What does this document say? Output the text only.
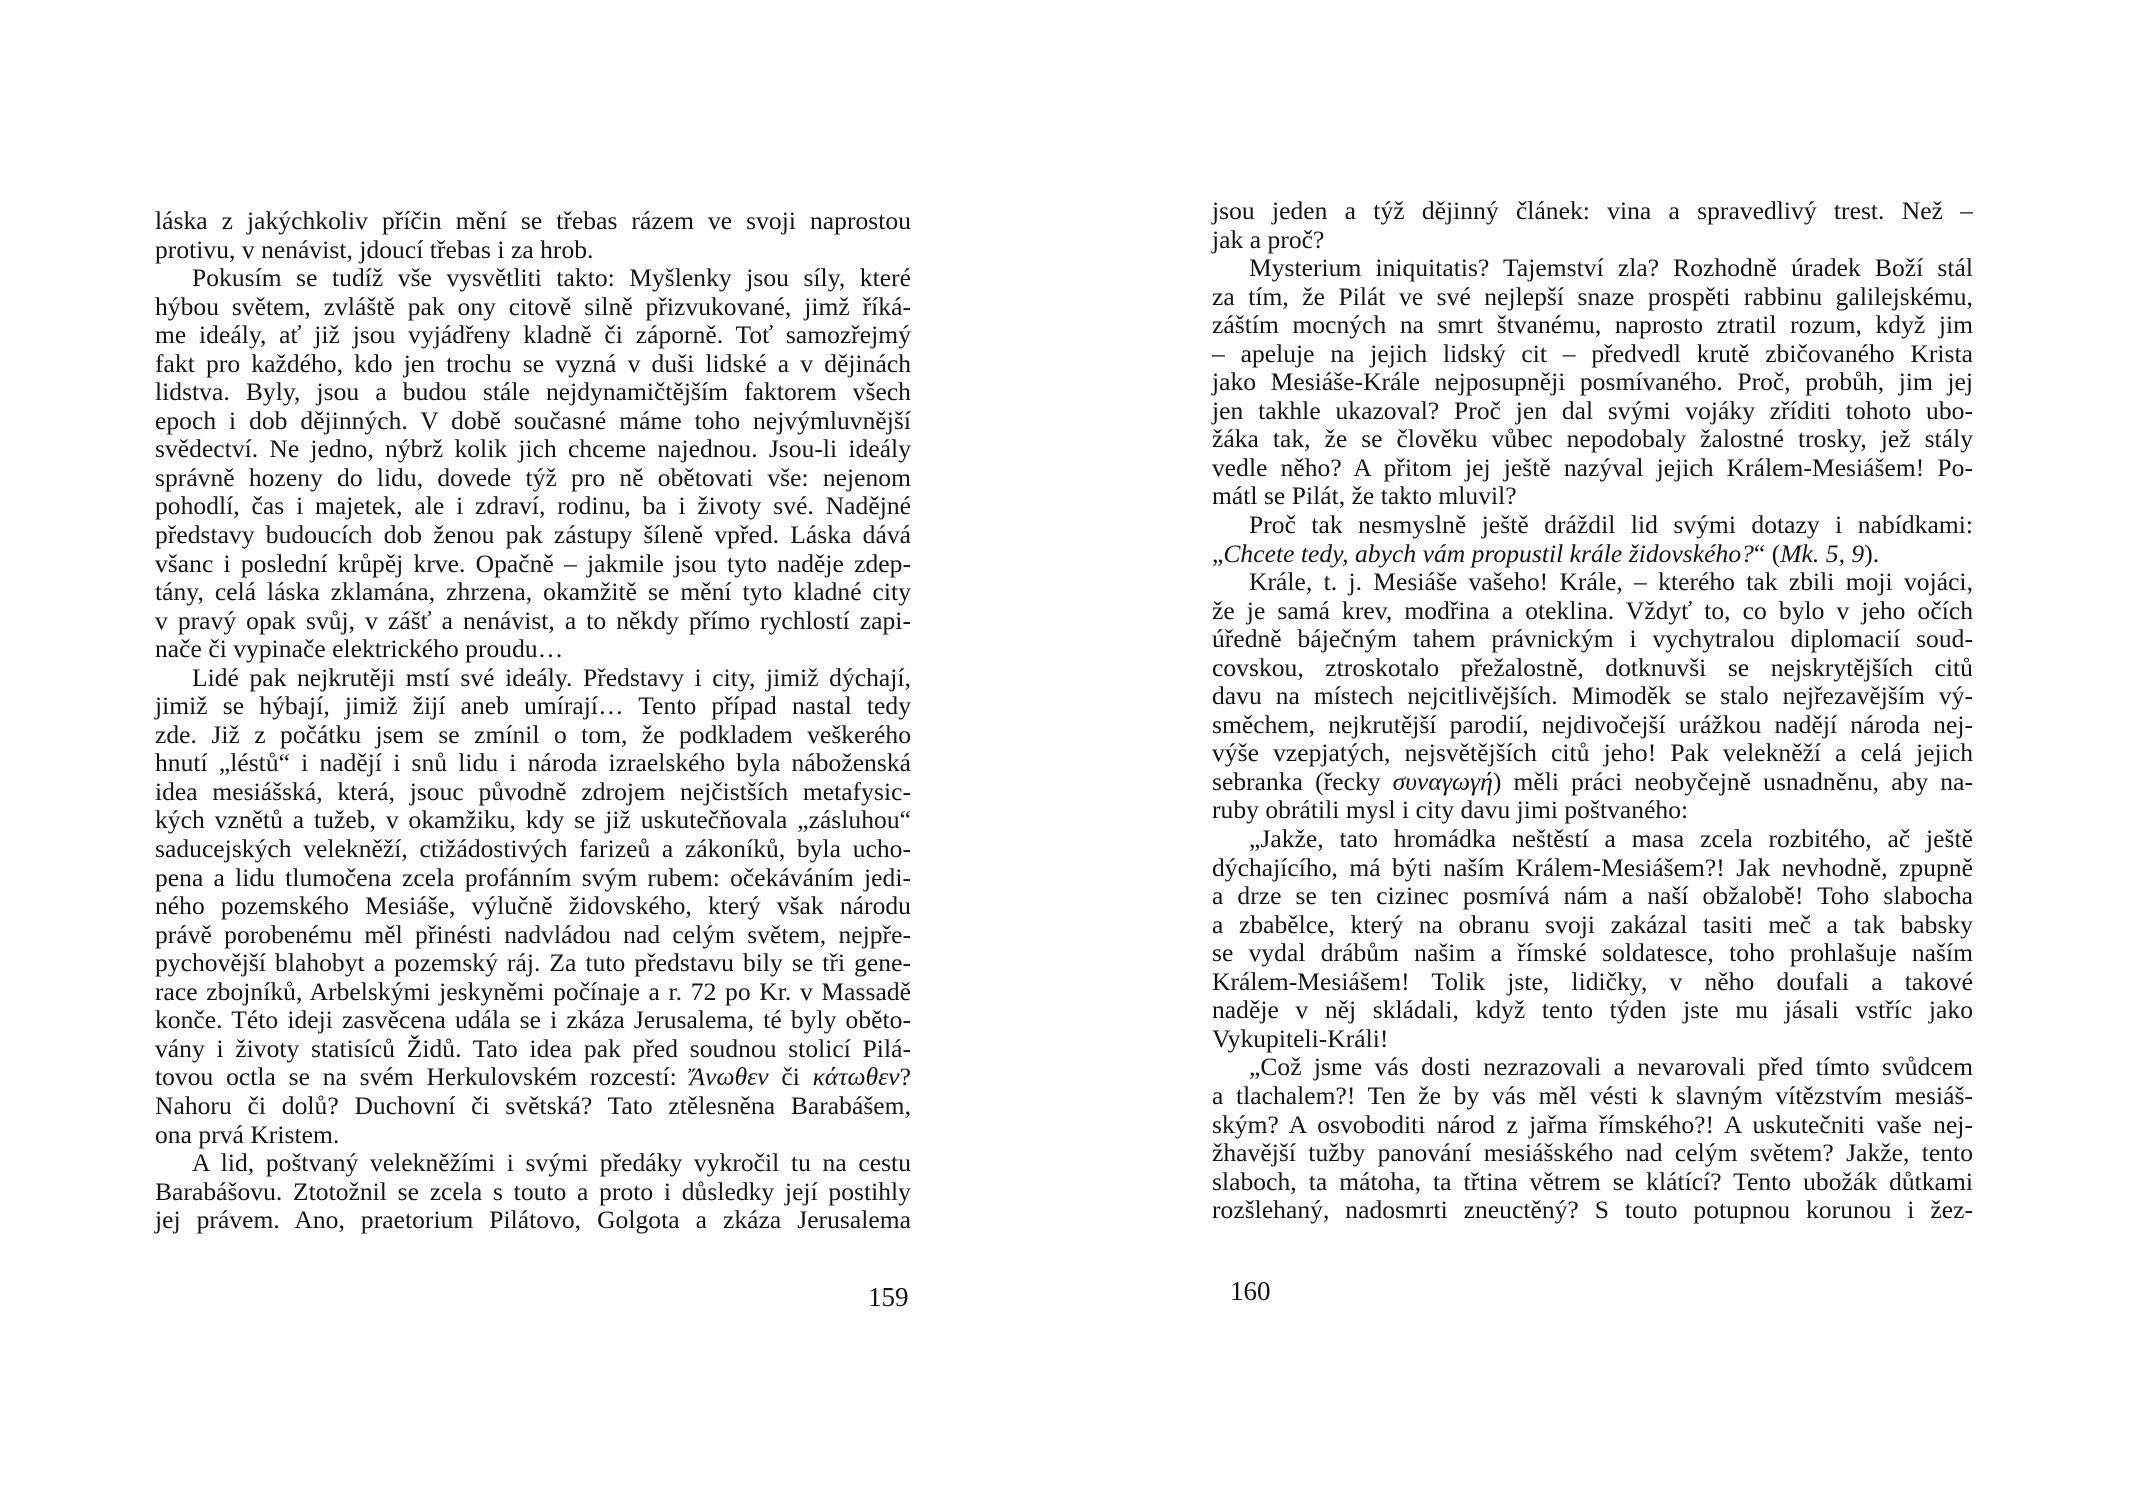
láska z jakýchkoliv příčin mění se třebas rázem ve svoji naprostou
protivu, v nenávist, jdoucí třebas i za hrob.
Pokusím se tudíž vše vysvětliti takto: Myšlenky jsou síly, které
hýbou světem, zvláště pak ony citově silně přizvukované, jimž říká-
me ideály, ať již jsou vyjádřeny kladně či záporně. Toť samozřejmý
fakt pro každého, kdo jen trochu se vyzná v duši lidské a v dějinách
lidstva. Byly, jsou a budou stále nejdynamičtějším faktorem všech
epoch i dob dějinných. V době současné máme toho nejvýmluvnější
svědectví. Ne jedno, nýbrž kolik jich chceme najednou. Jsou-li ideály
správně hozeny do lidu, dovede týž pro ně obětovati vše: nejenom
pohodlí, čas i majetek, ale i zdraví, rodinu, ba i životy své. Nadějné
představy budoucích dob ženou pak zástupy šíleně vpřed. Láska dává
všanc i poslední krůpěj krve. Opačně – jakmile jsou tyto naděje zdep-
tány, celá láska zklamána, zhrzena, okamžitě se mění tyto kladné city
v pravý opak svůj, v zášť a nenávist, a to někdy přímo rychlostí zapi-
nače či vypinače elektrického proudu…
Lidé pak nejkrutěji mstí své ideály. Představy i city, jimiž dýchají,
jimiž se hýbají, jimiž žijí aneb umírají… Tento případ nastal tedy
zde. Již z počátku jsem se zmínil o tom, že podkladem veškerého
hnutí „léstů“ i nadějí i snů lidu i národa izraelského byla náboženská
idea mesiášská, která, jsouc původně zdrojem nejčistších metafysic-
kých vznětů a tužeb, v okamžiku, kdy se již uskutečňovala „zásluhou“
saducejských velekněží, ctižádostivých farizeů a zákoníků, byla ucho-
pena a lidu tlumočena zcela profánním svým rubem: očekáváním jedi-
ného pozemského Mesiáše, výlučně židovského, který však národu
právě porobenému měl přinésti nadvládou nad celým světem, nejpře-
pychovější blahobyt a pozemský ráj. Za tuto představu bily se tři gene-
race zbojníků, Arbelskými jeskyněmi počínaje a r. 72 po Kr. v Massadě
konče. Této ideji zasvěcena udála se i zkáza Jerusalema, té byly obětо-
vány i životy statisíců Židů. Tato idea pak před soudnou stolicí Pilá-
tovou octla se na svém Herkulovském rozcestí: Ἄνωθεν či κάτωθεν?
Nahoru či dolů? Duchovní či světská? Tato ztělesněna Barabášem,
ona prvá Kristem.
A lid, poštvaný velekněžími i svými předáky vykročil tu na cestu
Barabášovu. Ztotožnil se zcela s touto a proto i důsledky její postihly
jej právem. Ano, praetorium Pilátovo, Golgota a zkáza Jerusalema
159
jsou jeden a týž dějinný článek: vina a spravedlivý trest. Než –
jak a proč?
Mysterium iniquitatis? Tajemství zla? Rozhodně úradek Boží stál
za tím, že Pilát ve své nejlepší snaze prospěti rabbinu galilejskému,
záštím mocných na smrt štvanému, naprosto ztratil rozum, když jim
– apeluje na jejich lidský cit – předvedl krutě zbičovaného Krista
jako Mesiáše-Krále nejposupněji posmívaného. Proč, probůh, jim jej
jen takhle ukazoval? Proč jen dal svými vojáky zříditi tohoto ubo-
žáka tak, že se člověku vůbec nepodobaly žalostné trosky, jež stály
vedle něho? A přitom jej ještě nazýval jejich Králem-Mesiášem! Po-
mátl se Pilát, že takto mluvil?
Proč tak nesmyslně ještě dráždil lid svými dotazy i nabídkami:
„Chcete tedy, abych vám propustil krále židovského?“ (Mk. 5, 9).
Krále, t. j. Mesiáše vašeho! Krále, – kterého tak zbili moji vojáci,
že je samá krev, modřina a oteklina. Vždyť to, co bylo v jeho očích
úředně báječným tahem právnickým i vychytralou diplomacií soud-
covskou, ztroskotalo přežalostně, dotknuvši se nejskrytějších citů
davu na místech nejcitlivějších. Mimoděk se stalo nejřezavějším vý-
směchem, nejkrutější parodií, nejdivočejší urážkou nadějí národa nej-
výše vzepjatých, nejsvětějších citů jeho! Pak velekněží a celá jejich
sebranka (řecky συναγωγή) měli práci neobyčejně usnadněnu, aby na-
ruby obrátili mysl i city davu jimi poštvaného:
„Jakže, tato hromádka neštěstí a masa zcela rozbitého, ač ještě
dýchajícího, má býti naším Králem-Mesiášem?! Jak nevhodně, zpupně
a drze se ten cizinec posmívá nám a naší obžalobě! Toho slabocha
a zbabělce, který na obranu svoji zakázal tasiti meč a tak babsky
se vydal drábům našim a římské soldatesce, toho prohlašuje naším
Králem-Mesiášem! Tolik jste, lidičky, v něho doufali a takové
naděje v něj skládali, když tento týden jste mu jásali vstříc jako
Vykupiteli-Králi!
„Což jsme vás dosti nezrazovali a nevarovali před tímto svůdcem
a tlachalem?! Ten že by vás měl vésti k slavným vítězstvím mesiáš-
ským? A osvoboditi národ z jařma římského?! A uskutečniti vaše nej-
žhavější tužby panování mesiášského nad celým světem? Jakže, tento
slaboch, ta mátoha, ta třtina větrem se klátící? Tento ubožák důtkami
rozšlehaný, nadosmrti zneuctěný? S touto potupnou korunou i žez-
160
